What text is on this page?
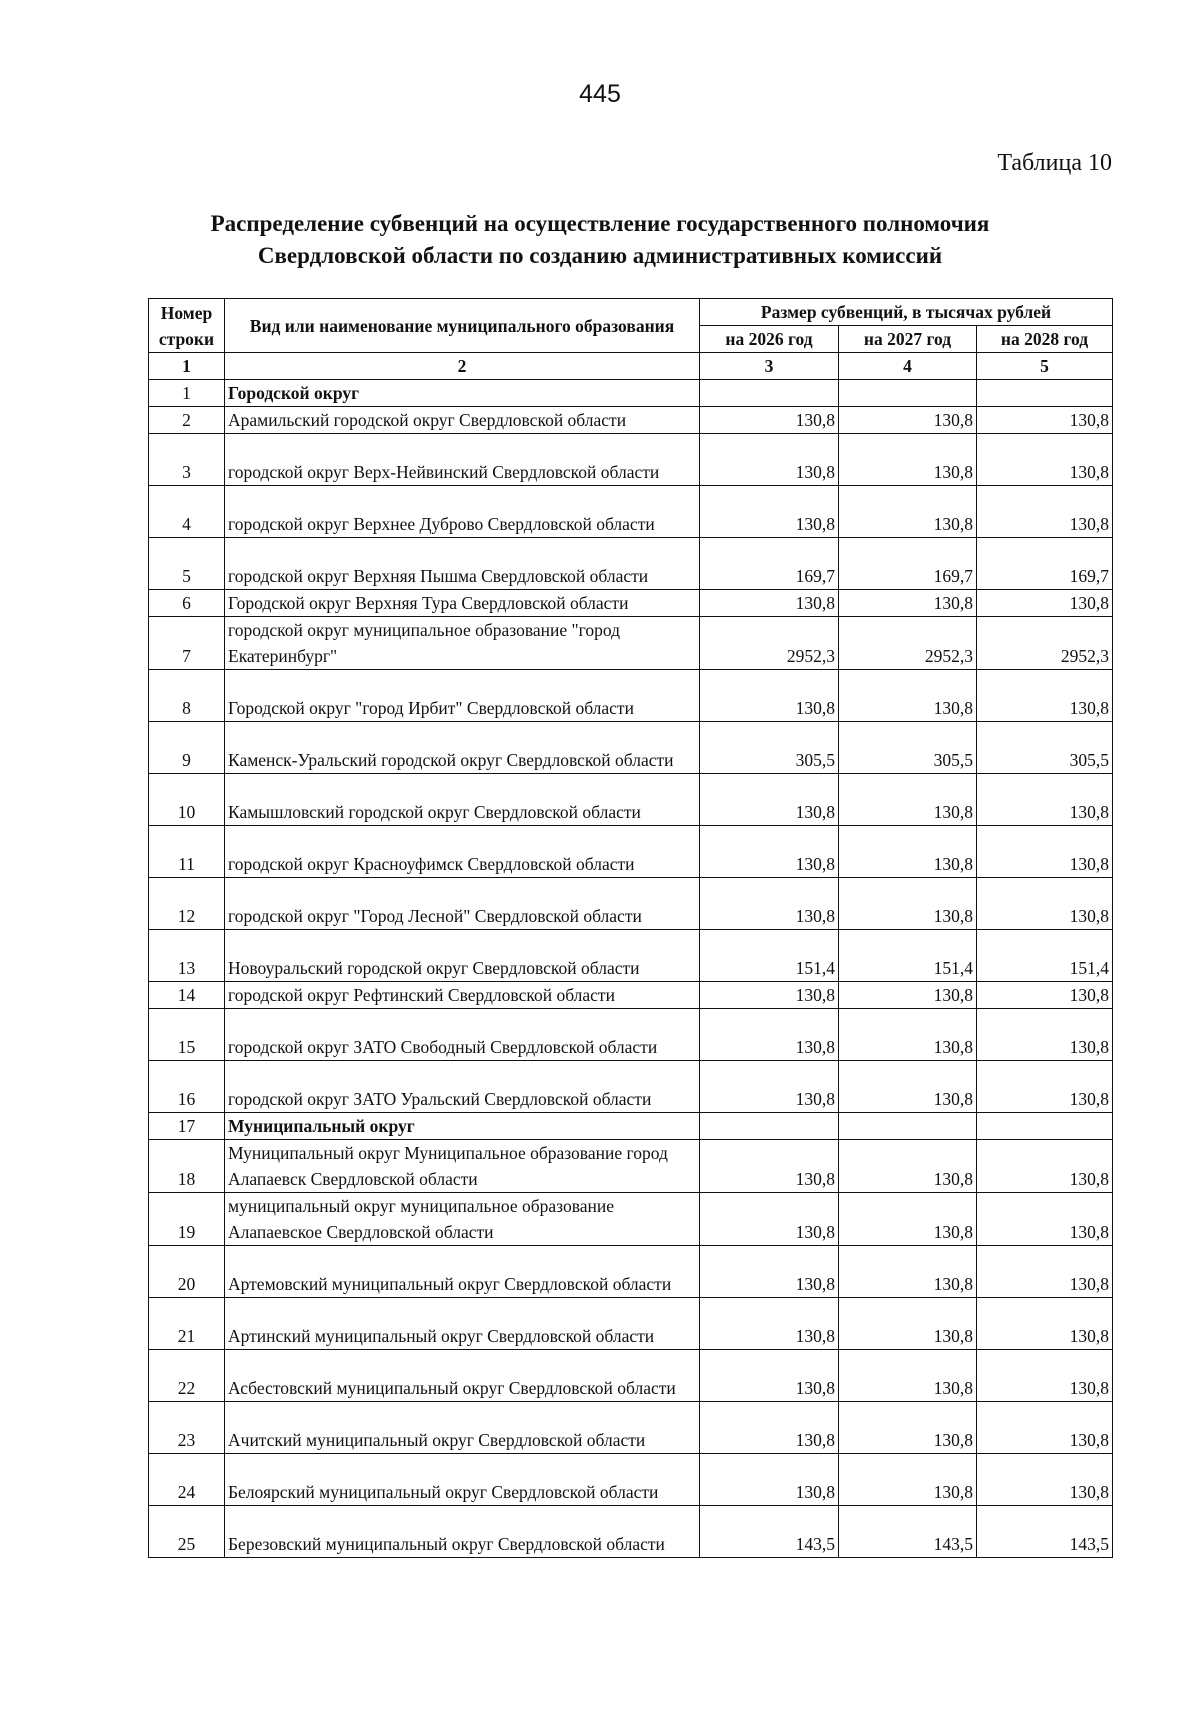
445
Таблица 10
Распределение субвенций на осуществление государственного полномочия
Свердловской области по созданию административных комиссий
Номер строки	Вид или наименование муниципального образования	Размер субвенций, в тысячах рублей		
		на 2026 год	на 2027 год	на 2028 год
1	2	3	4	5
1	Городской округ			
2	Арамильский городской округ Свердловской области	130,8	130,8	130,8
3	городской округ Верх-Нейвинский Свердловской области	130,8	130,8	130,8
4	городской округ Верхнее Дуброво Свердловской области	130,8	130,8	130,8
5	городской округ Верхняя Пышма Свердловской области	169,7	169,7	169,7
6	Городской округ Верхняя Тура Свердловской области	130,8	130,8	130,8
7	городской округ муниципальное образование "город Екатеринбург"	2952,3	2952,3	2952,3
8	Городской округ "город Ирбит" Свердловской области	130,8	130,8	130,8
9	Каменск-Уральский городской округ Свердловской области	305,5	305,5	305,5
10	Камышловский городской округ Свердловской области	130,8	130,8	130,8
11	городской округ Красноуфимск Свердловской области	130,8	130,8	130,8
12	городской округ "Город Лесной" Свердловской области	130,8	130,8	130,8
13	Новоуральский городской округ Свердловской области	151,4	151,4	151,4
14	городской округ Рефтинский Свердловской области	130,8	130,8	130,8
15	городской округ ЗАТО Свободный Свердловской области	130,8	130,8	130,8
16	городской округ ЗАТО Уральский Свердловской области	130,8	130,8	130,8
17	Муниципальный округ			
18	Муниципальный округ Муниципальное образование город Алапаевск Свердловской области	130,8	130,8	130,8
19	муниципальный округ муниципальное образование Алапаевское Свердловской области	130,8	130,8	130,8
20	Артемовский муниципальный округ Свердловской области	130,8	130,8	130,8
21	Артинский муниципальный округ Свердловской области	130,8	130,8	130,8
22	Асбестовский муниципальный округ Свердловской области	130,8	130,8	130,8
23	Ачитский муниципальный округ Свердловской области	130,8	130,8	130,8
24	Белоярский муниципальный округ Свердловской области	130,8	130,8	130,8
25	Березовский муниципальный округ Свердловской области	143,5	143,5	143,5
